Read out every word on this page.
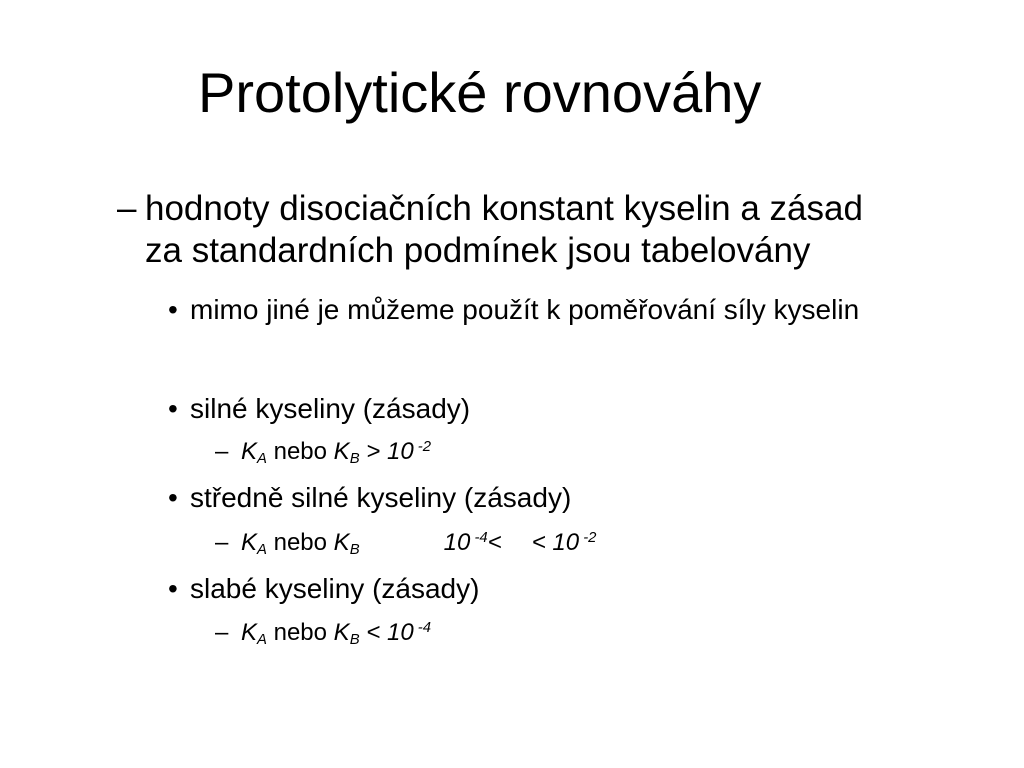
Protolytické rovnováhy
– hodnoty disociačních konstant kyselin a zásad
za standardních podmínek jsou tabelovány
• mimo jiné je můžeme použít k poměřování síly kyselin
• silné kyseliny (zásady)
– $K_A$ nebo $K_B > 10$ $^{-2}$
• středně silné kyseliny (zásady)
– $K_A$ nebo $K_B$	10 $^{-4}$< < 10 $^{-2}$
• slabé kyseliny (zásady)
– $K_A$ nebo $K_B < 10$ $^{-4}$
